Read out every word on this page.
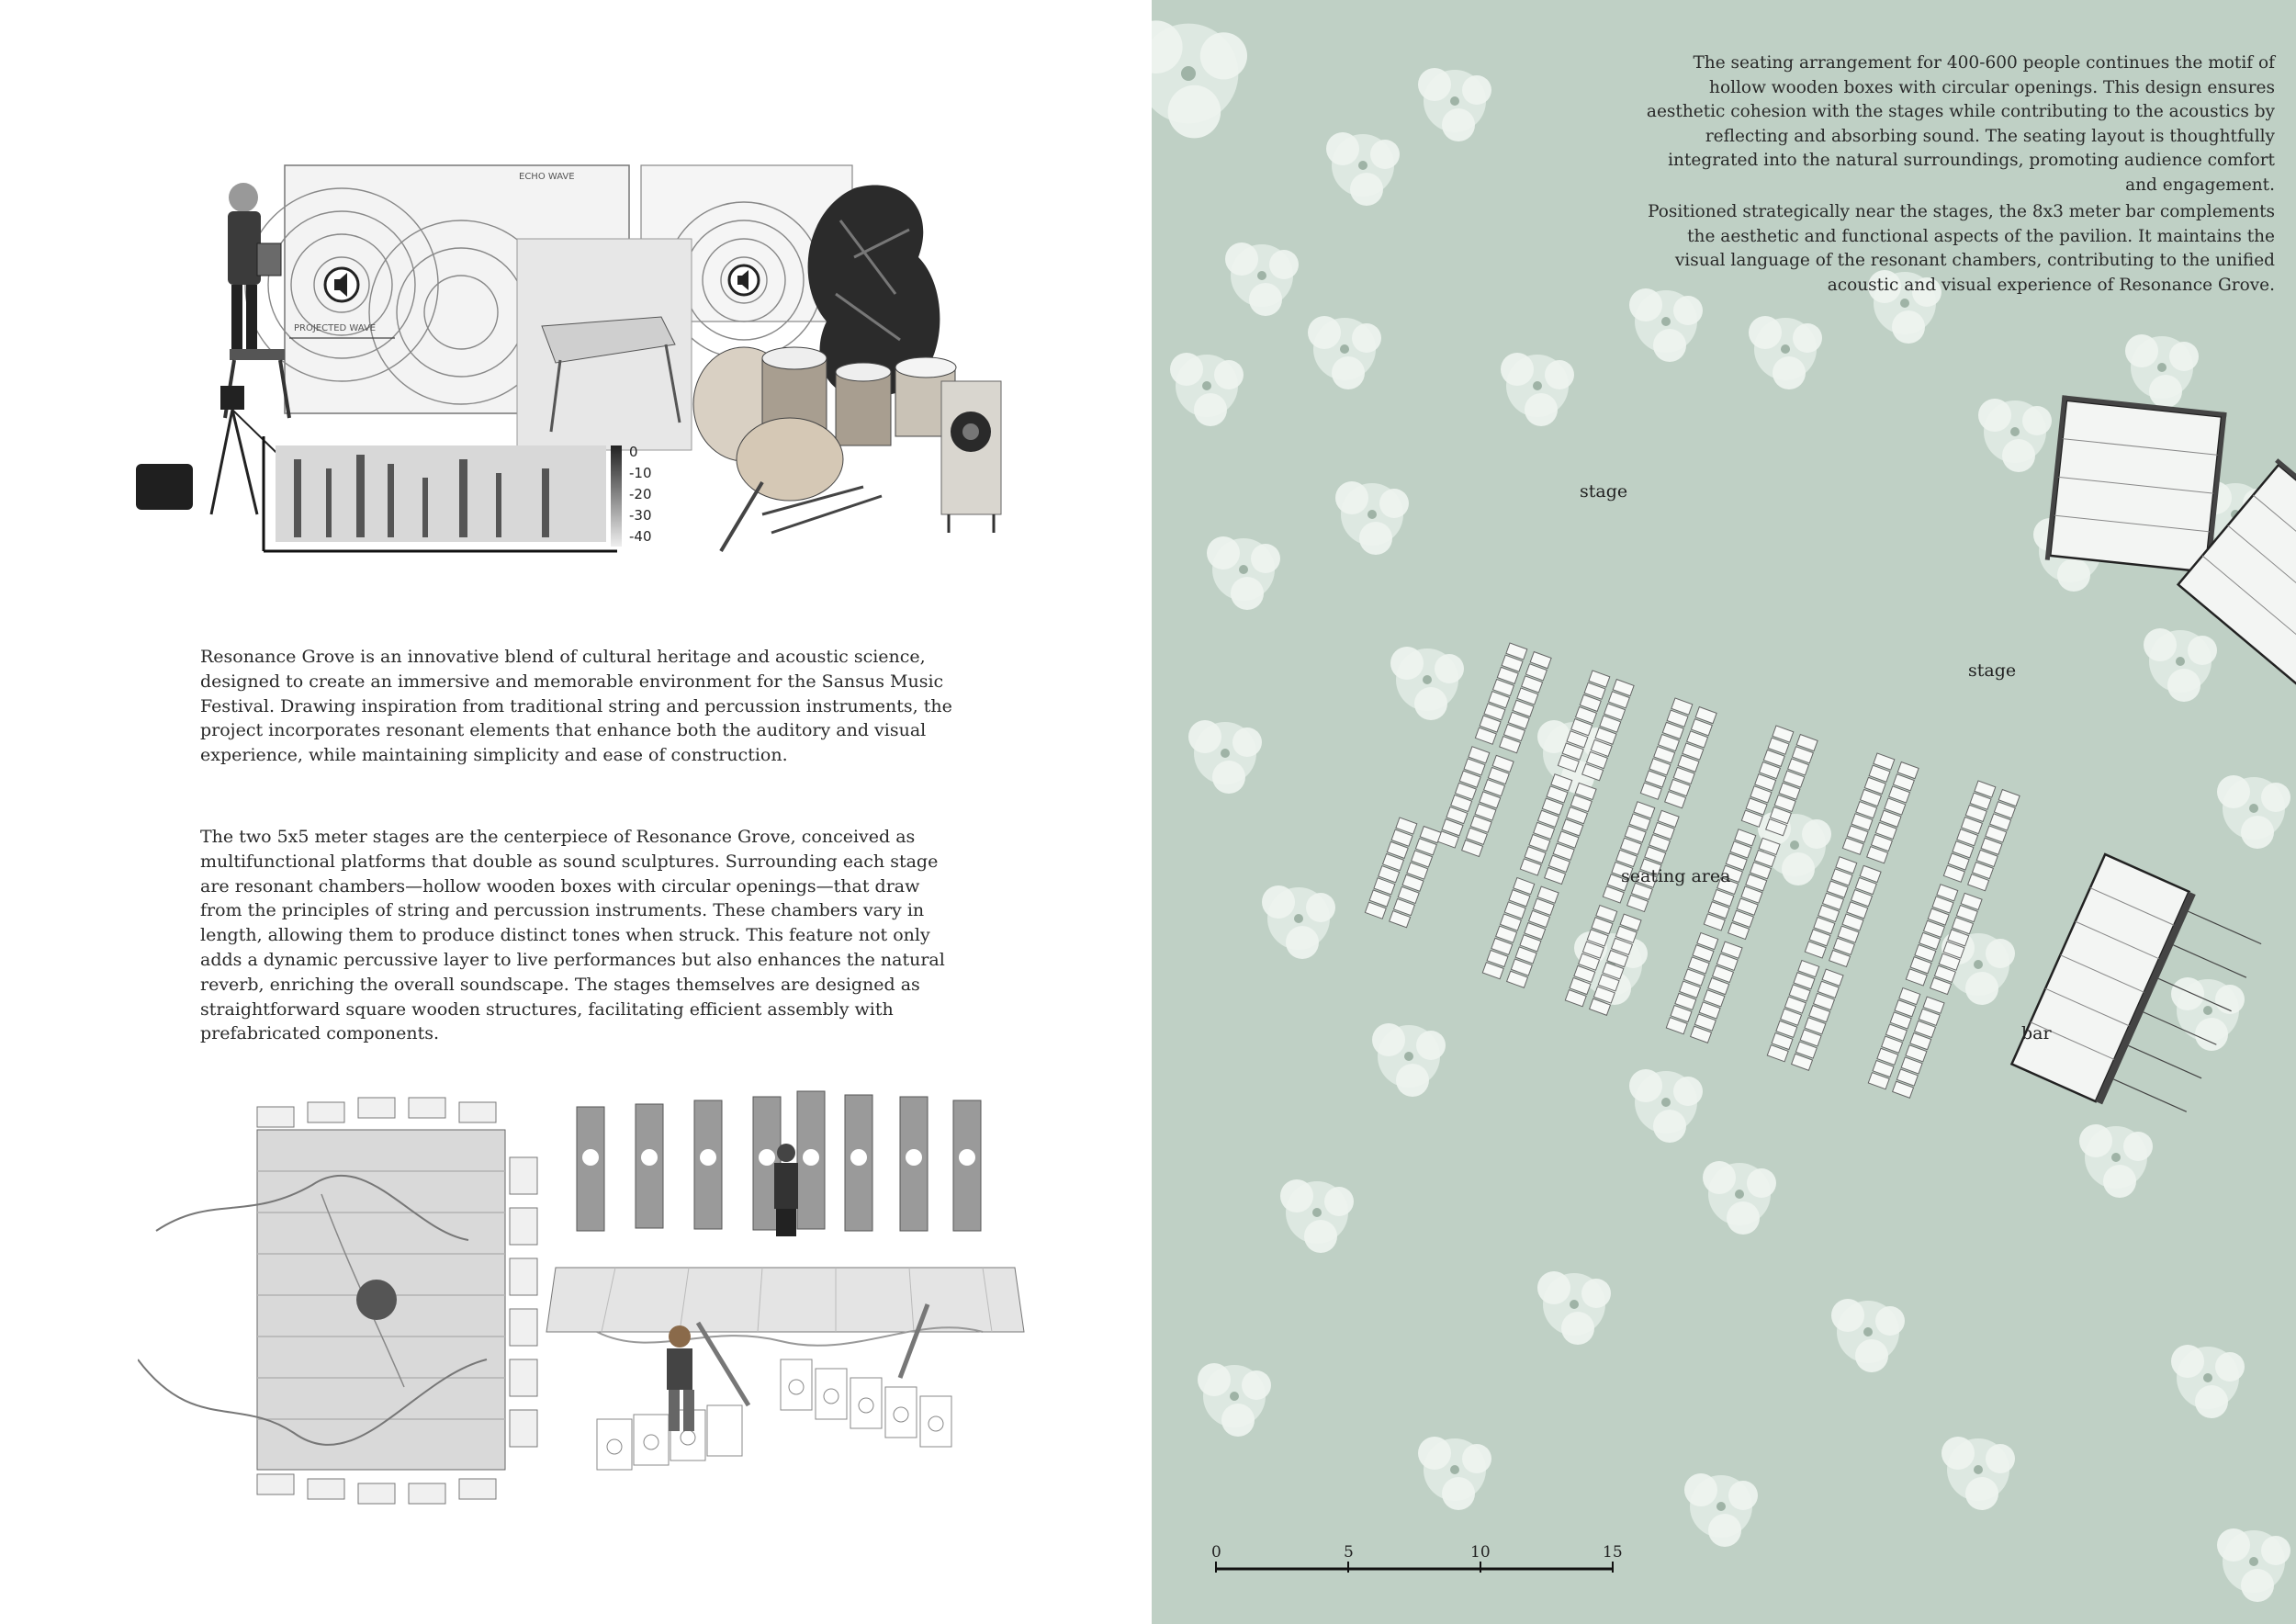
ECHO WAVE
PROJECTED WAVE
0
-10
-20
-30
-40

Resonance Grove is an innovative blend of cultural heritage and acoustic science, designed to create an immersive and memorable environment for the Sansus Music Festival. Drawing inspiration from traditional string and percussion instruments, the project incorporates resonant elements that enhance both the auditory and visual experience, while maintaining simplicity and ease of construction.

The two 5x5 meter stages are the centerpiece of Resonance Grove, conceived as multifunctional platforms that double as sound sculptures. Surrounding each stage are resonant chambers—hollow wooden boxes with circular openings—that draw from the principles of string and percussion instruments. These chambers vary in length, allowing them to produce distinct tones when struck. This feature not only adds a dynamic percussive layer to live performances but also enhances the natural reverb, enriching the overall soundscape. The stages themselves are designed as straightforward square wooden structures, facilitating efficient assembly with prefabricated components.

The seating arrangement for 400-600 people continues the motif of hollow wooden boxes with circular openings. This design ensures aesthetic cohesion with the stages while contributing to the acoustics by reflecting and absorbing sound. The seating layout is thoughtfully integrated into the natural surroundings, promoting audience comfort and engagement.

Positioned strategically near the stages, the 8x3 meter bar complements the aesthetic and functional aspects of the pavilion. It maintains the visual language of the resonant chambers, contributing to the unified acoustic and visual experience of Resonance Grove.

stage
stage
seating area
bar
0	5	10	15
